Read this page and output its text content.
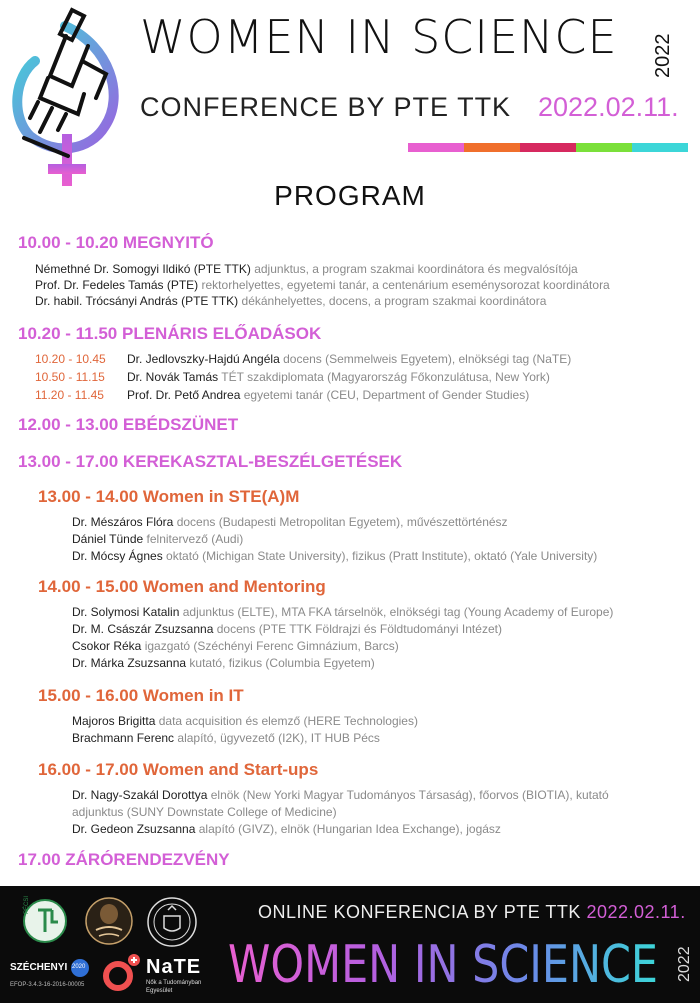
WOMEN IN SCIENCE 2022
CONFERENCE BY PTE TTK 2022.02.11.
PROGRAM
10.00 - 10.20 MEGNYITÓ
Némethné Dr. Somogyi Ildikó (PTE TTK) adjunktus, a program szakmai koordinátora és megvalósítója
Prof. Dr. Fedeles Tamás (PTE) rektorhelyettes, egyetemi tanár, a centenárium eseménysorozat koordinátora
Dr. habil. Trócsányi András (PTE TTK) dékánhelyettes, docens, a program szakmai koordinátora
10.20 - 11.50 PLENÁRIS ELŐADÁSOK
10.20 - 10.45 Dr. Jedlovszky-Hajdú Angéla docens (Semmelweis Egyetem), elnökségi tag (NaTE)
10.50 - 11.15 Dr. Novák Tamás TÉT szakdiplomata (Magyarország Főkonzulátusa, New York)
11.20 - 11.45 Prof. Dr. Pető Andrea egyetemi tanár (CEU, Department of Gender Studies)
12.00 - 13.00 EBÉDSZÜNET
13.00 - 17.00 KEREKASZTAL-BESZÉLGETÉSEK
13.00 - 14.00 Women in STE(A)M
Dr. Mészáros Flóra docens (Budapesti Metropolitan Egyetem), művészettörténész
Dániel Tünde felnitervező (Audi)
Dr. Mócsy Ágnes oktató (Michigan State University), fizikus (Pratt Institute), oktató (Yale University)
14.00 - 15.00 Women and Mentoring
Dr. Solymosi Katalin adjunktus (ELTE), MTA FKA társelnök, elnökségi tag (Young Academy of Europe)
Dr. M. Császár Zsuzsanna docens (PTE TTK Földrajzi és Földtudományi Intézet)
Csokor Réka igazgató (Széchényi Ferenc Gimnázium, Barcs)
Dr. Márka Zsuzsanna kutató, fizikus (Columbia Egyetem)
15.00 - 16.00 Women in IT
Majoros Brigitta data acquisition és elemző (HERE Technologies)
Brachmann Ferenc alapító, ügyvezető (I2K), IT HUB Pécs
16.00 - 17.00 Women and Start-ups
Dr. Nagy-Szakál Dorottya elnök (New Yorki Magyar Tudományos Társaság), főorvos (BIOTIA), kutató
adjunktus (SUNY Downstate College of Medicine)
Dr. Gedeon Zsuzsanna alapító (GIVZ), elnök (Hungarian Idea Exchange), jogász
17.00 ZÁRÓRENDEZVÉNY
PÉCSI
SZÉCHENYI 2020
EFOP-3.4.3-16-2016-00005
NaTE
Nők a Tudományban
Egyesület
ONLINE KONFERENCIA BY PTE TTK 2022.02.11.
WOMEN IN SCIENCE 2022
